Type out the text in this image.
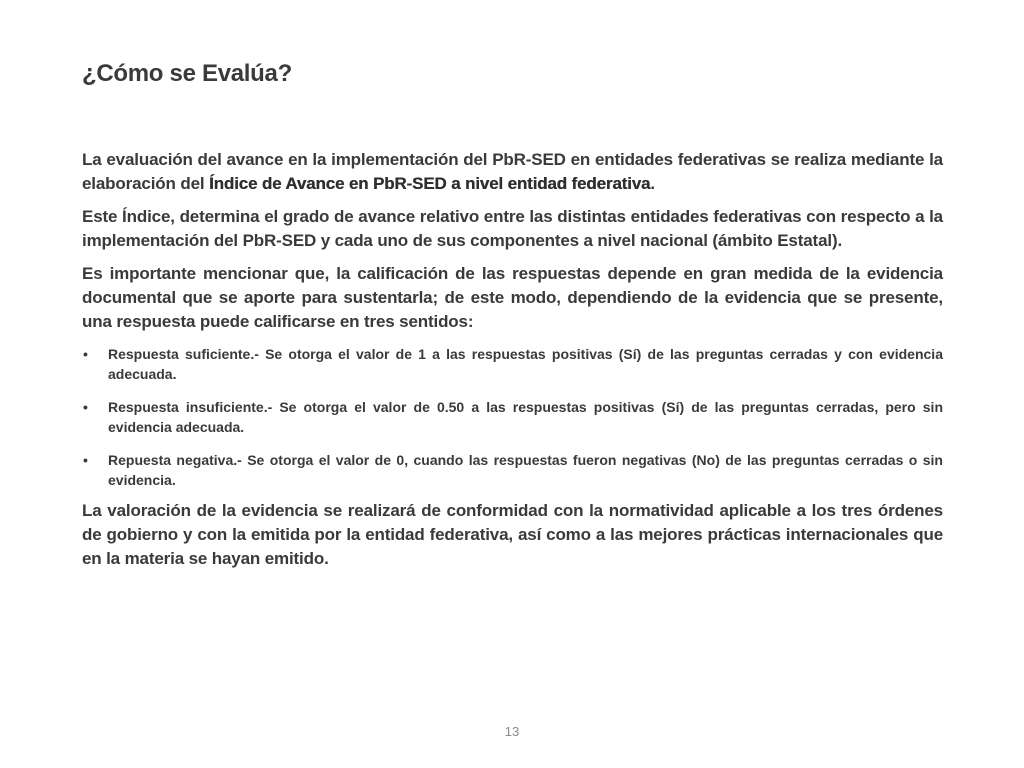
¿Cómo se Evalúa?

La evaluación del avance en la implementación del PbR-SED en entidades federativas se realiza mediante la elaboración del Índice de Avance en PbR-SED a nivel entidad federativa.

Este Índice, determina el grado de avance relativo entre las distintas entidades federativas con respecto a la implementación del PbR-SED y cada uno de sus componentes a nivel nacional (ámbito Estatal).

Es importante mencionar que, la calificación de las respuestas depende en gran medida de la evidencia documental que se aporte para sustentarla; de este modo, dependiendo de la evidencia que se presente, una respuesta puede calificarse en tres sentidos:

• Respuesta suficiente.- Se otorga el valor de 1 a las respuestas positivas (Sí) de las preguntas cerradas y con evidencia adecuada.
• Respuesta insuficiente.- Se otorga el valor de 0.50 a las respuestas positivas (Sí) de las preguntas cerradas, pero sin evidencia adecuada.
• Repuesta negativa.- Se otorga el valor de 0, cuando las respuestas fueron negativas (No) de las preguntas cerradas o sin evidencia.

La valoración de la evidencia se realizará de conformidad con la normatividad aplicable a los tres órdenes de gobierno y con la emitida por la entidad federativa, así como a las mejores prácticas internacionales que en la materia se hayan emitido.

13
